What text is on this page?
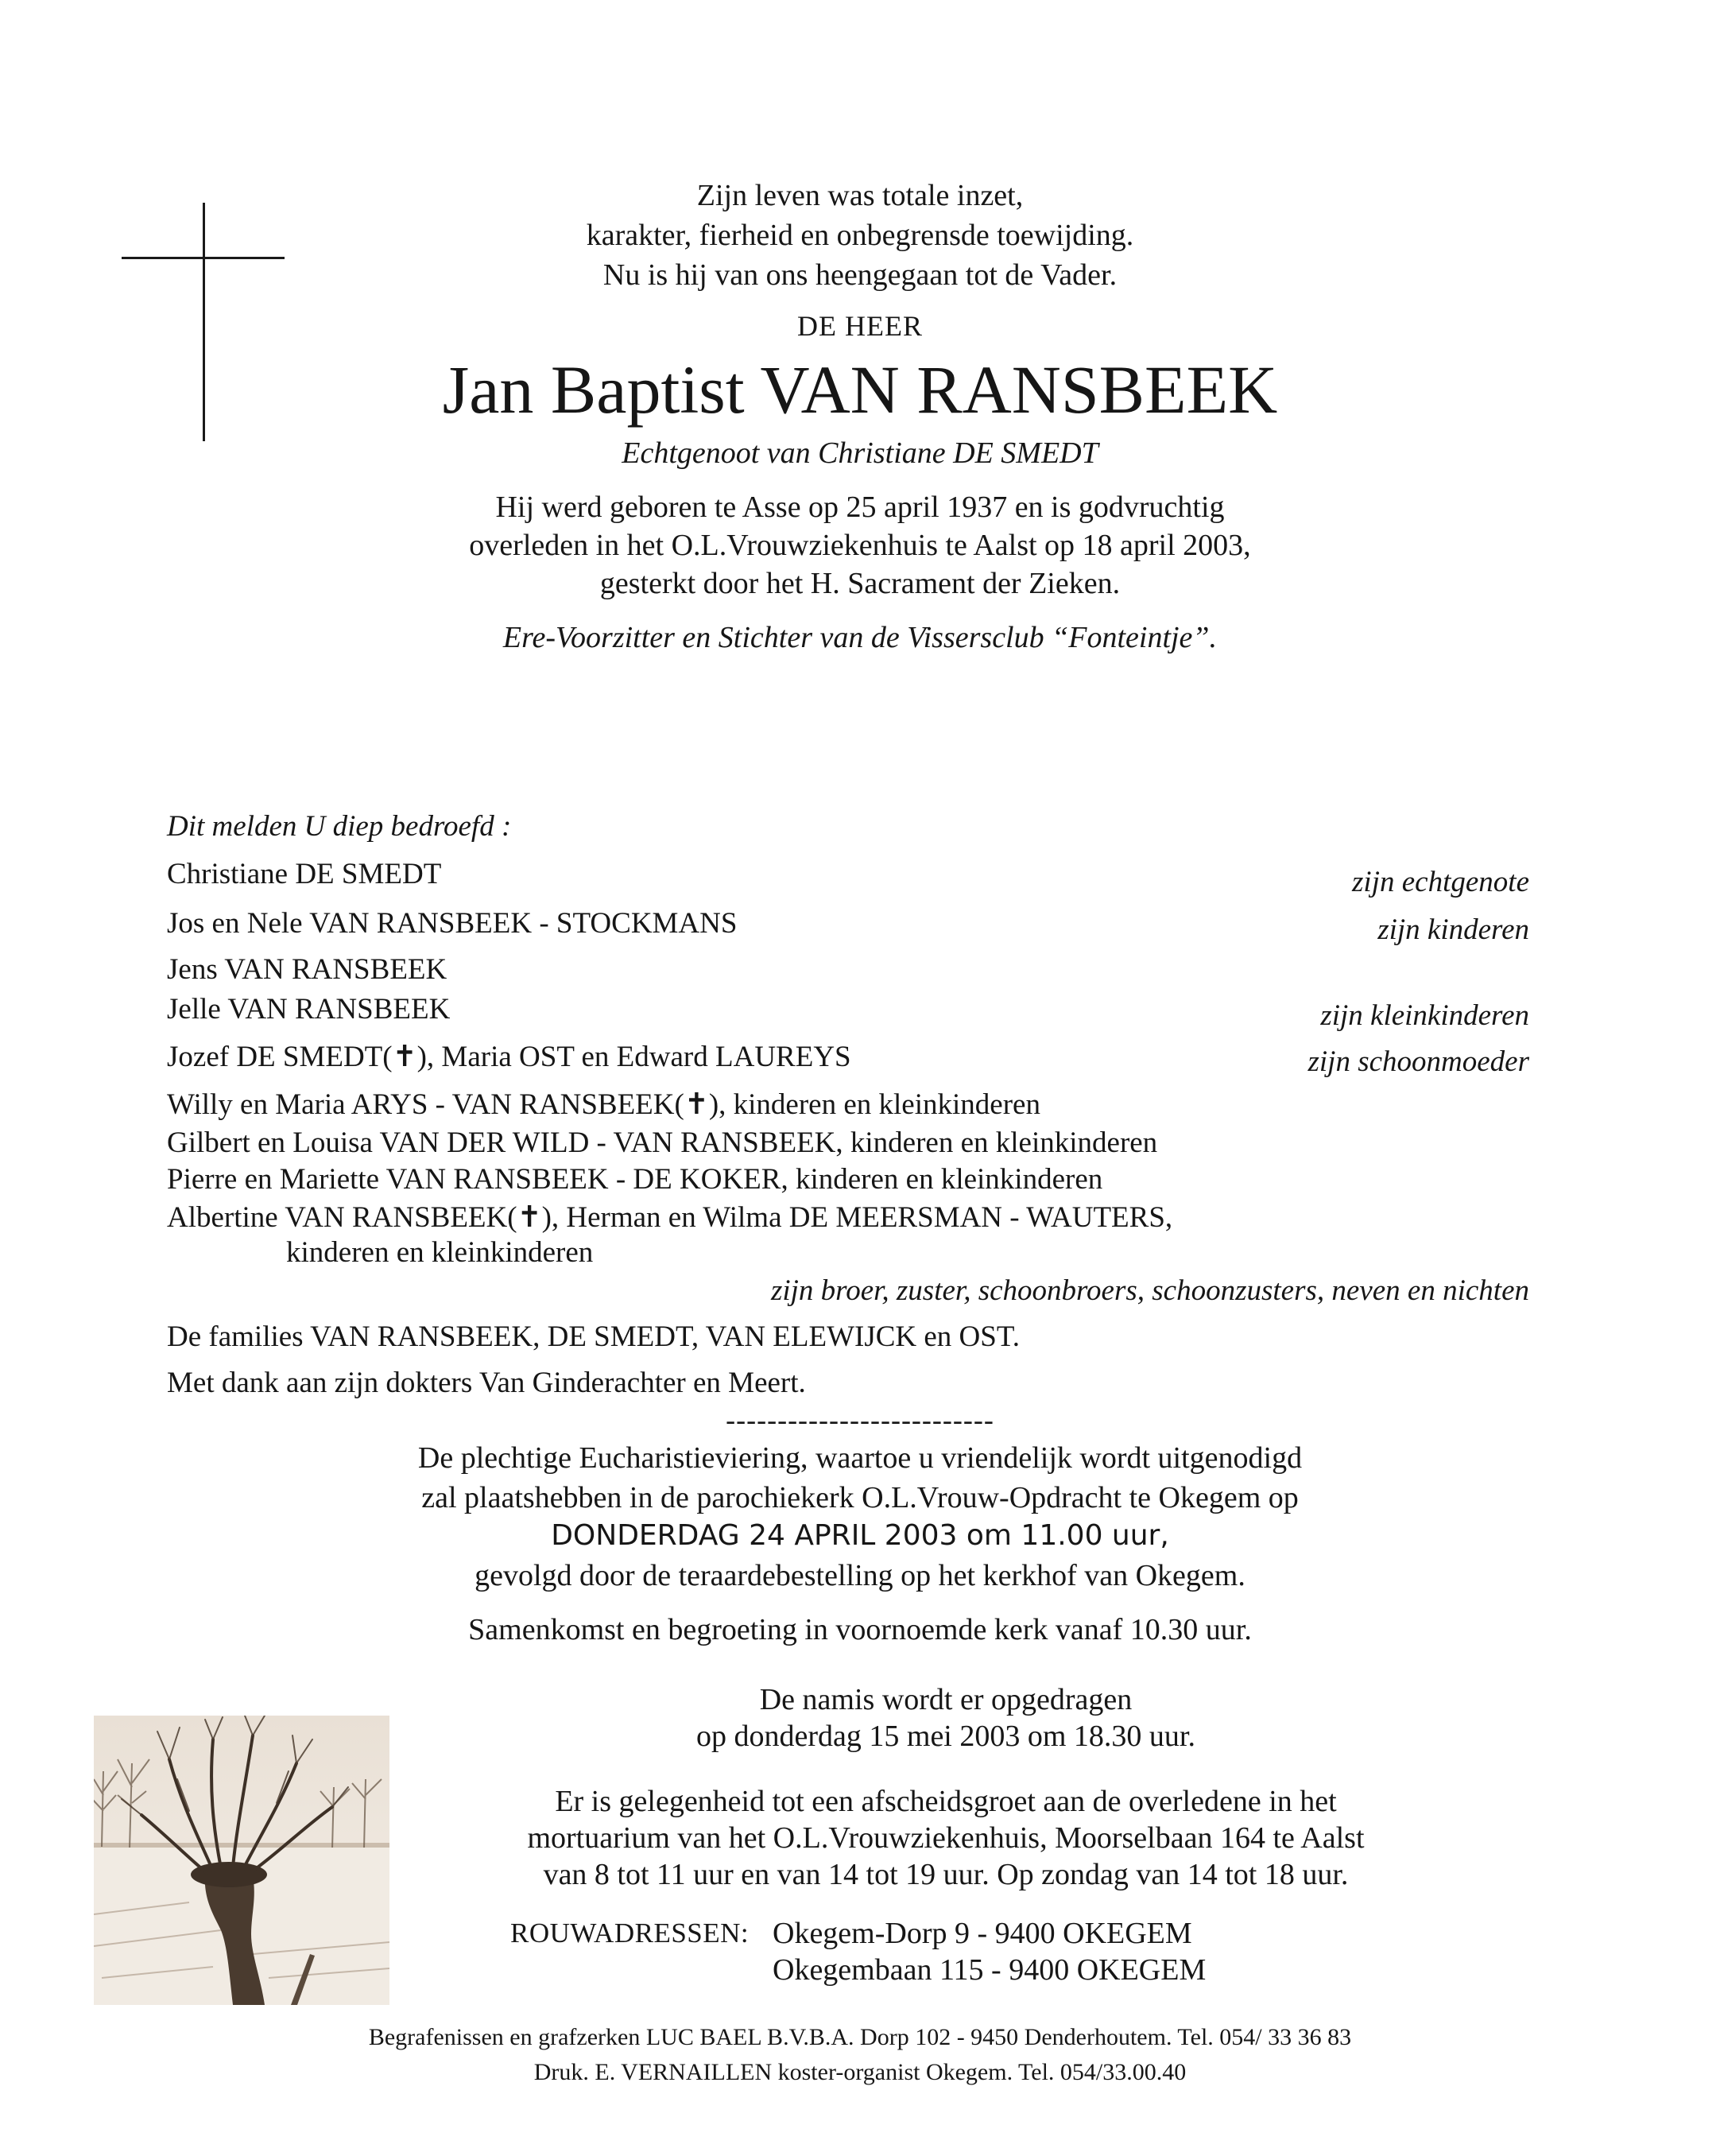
Zijn leven was totale inzet,
karakter, fierheid en onbegrensde toewijding.
Nu is hij van ons heengegaan tot de Vader.
DE HEER
Jan Baptist VAN RANSBEEK
Echtgenoot van Christiane DE SMEDT
Hij werd geboren te Asse op 25 april 1937 en is godvruchtig
overleden in het O.L.Vrouwziekenhuis te Aalst op 18 april 2003,
gesterkt door het H. Sacrament der Zieken.
Ere-Voorzitter en Stichter van de Vissersclub “Fonteintje”.
Dit melden U diep bedroefd :
Christiane DE SMEDT	zijn echtgenote
Jos en Nele VAN RANSBEEK - STOCKMANS	zijn kinderen
Jens VAN RANSBEEK
Jelle VAN RANSBEEK	zijn kleinkinderen
Jozef DE SMEDT(✝), Maria OST en Edward LAUREYS	zijn schoonmoeder
Willy en Maria ARYS - VAN RANSBEEK(✝), kinderen en kleinkinderen
Gilbert en Louisa VAN DER WILD - VAN RANSBEEK, kinderen en kleinkinderen
Pierre en Mariette VAN RANSBEEK - DE KOKER, kinderen en kleinkinderen
Albertine VAN RANSBEEK(✝), Herman en Wilma DE MEERSMAN - WAUTERS,
kinderen en kleinkinderen
zijn broer, zuster, schoonbroers, schoonzusters, neven en nichten
De families VAN RANSBEEK, DE SMEDT, VAN ELEWIJCK en OST.
Met dank aan zijn dokters Van Ginderachter en Meert.
--------------------------
De plechtige Eucharistieviering, waartoe u vriendelijk wordt uitgenodigd
zal plaatshebben in de parochiekerk O.L.Vrouw-Opdracht te Okegem op
DONDERDAG 24 APRIL 2003 om 11.00 uur,
gevolgd door de teraardebestelling op het kerkhof van Okegem.
Samenkomst en begroeting in voornoemde kerk vanaf 10.30 uur.
De namis wordt er opgedragen
op donderdag 15 mei 2003 om 18.30 uur.
Er is gelegenheid tot een afscheidsgroet aan de overledene in het
mortuarium van het O.L.Vrouwziekenhuis, Moorselbaan 164 te Aalst
van 8 tot 11 uur en van 14 tot 19 uur. Op zondag van 14 tot 18 uur.
ROUWADRESSEN: Okegem-Dorp 9 - 9400 OKEGEM
Okegembaan 115 - 9400 OKEGEM
Begrafenissen en grafzerken LUC BAEL B.V.B.A. Dorp 102 - 9450 Denderhoutem. Tel. 054/ 33 36 83
Druk. E. VERNAILLEN koster-organist Okegem. Tel. 054/33.00.40
